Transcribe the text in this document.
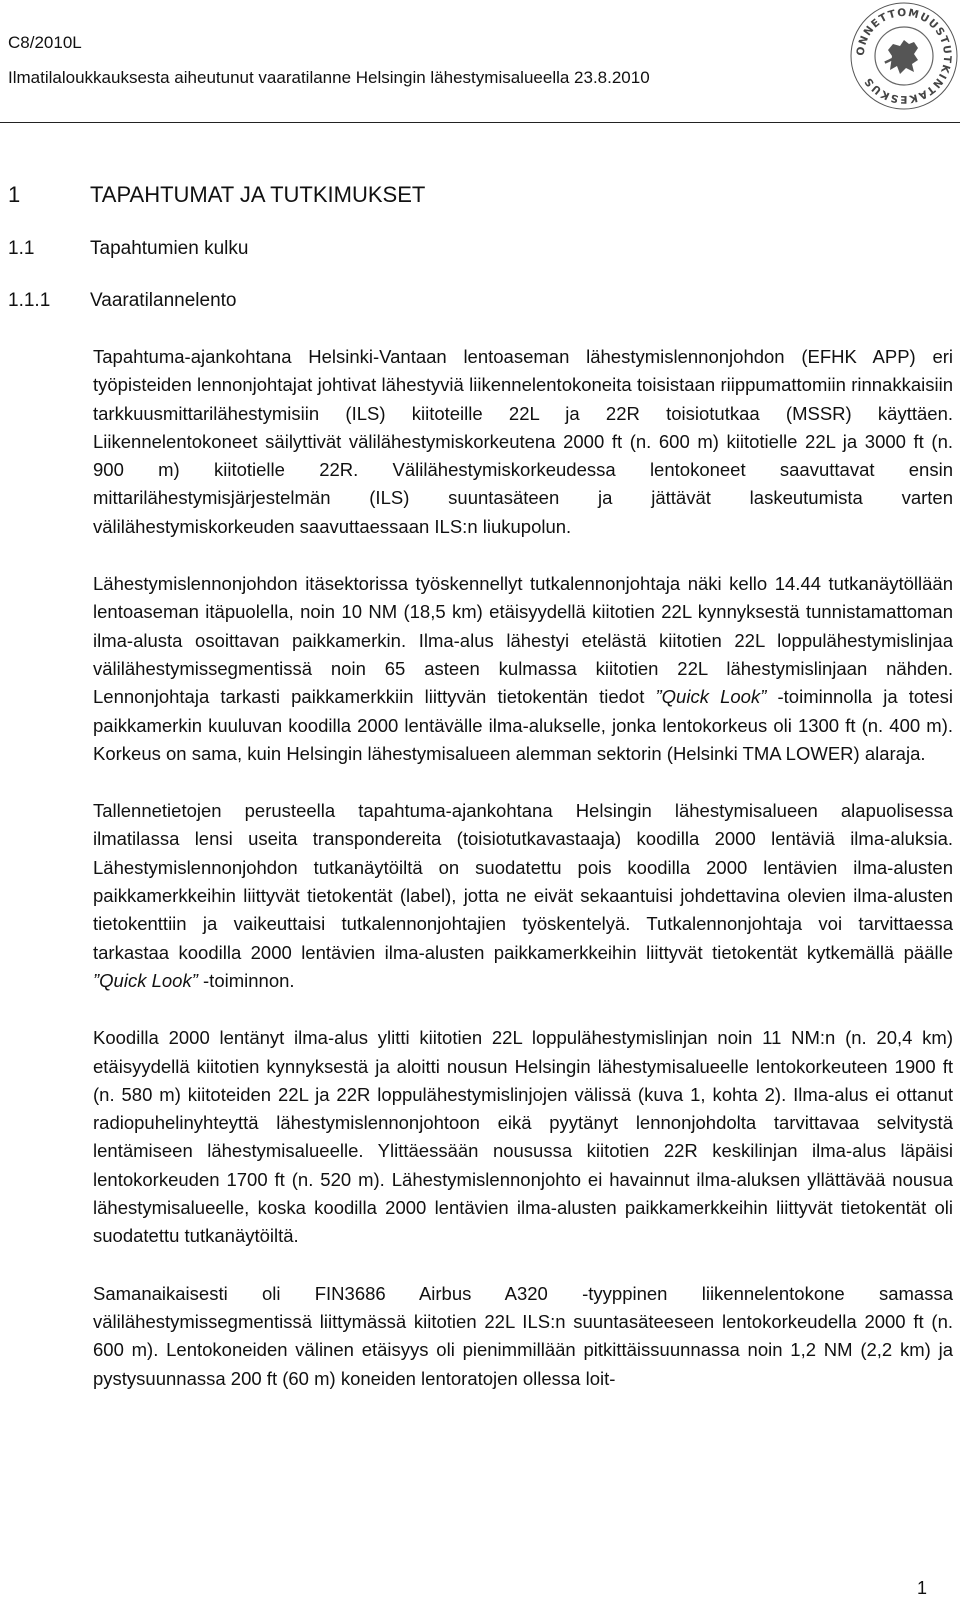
C8/2010L
Ilmatilaloukkauksesta aiheutunut vaaratilanne Helsingin lähestymisalueella 23.8.2010
ONNETTOMUUSTUTKINTAKESKUS
1	TAPAHTUMAT JA TUTKIMUKSET
1.1	Tapahtumien kulku
1.1.1 Vaaratilannelento

Tapahtuma-ajankohtana Helsinki-Vantaan lentoaseman lähestymislennonjohdon (EFHK APP) eri työpisteiden lennonjohtajat johtivat lähestyviä liikennelentokoneita toisistaan riippumattomiin rinnakkaisiin tarkkuusmittarilähestymisiin (ILS) kiitoteille 22L ja 22R toisiotutkaa (MSSR) käyttäen. Liikennelentokoneet säilyttivät välilähestymiskorkeutena 2000 ft (n. 600 m) kiitotielle 22L ja 3000 ft (n. 900 m) kiitotielle 22R. Välilähestymiskorkeudessa lentokoneet saavuttavat ensin mittarilähestymisjärjestelmän (ILS) suuntasäteen ja jättävät laskeutumista varten välilähestymiskorkeuden saavuttaessaan ILS:n liukupolun.

Lähestymislennonjohdon itäsektorissa työskennellyt tutkalennonjohtaja näki kello 14.44 tutkanäytöllään lentoaseman itäpuolella, noin 10 NM (18,5 km) etäisyydellä kiitotien 22L kynnyksestä tunnistamattoman ilma-alusta osoittavan paikkamerkin. Ilma-alus lähestyi etelästä kiitotien 22L loppulähestymislinjaa välilähestymissegmentissä noin 65 asteen kulmassa kiitotien 22L lähestymislinjaan nähden. Lennonjohtaja tarkasti paikkamerkkiin liittyvän tietokentän tiedot ”Quick Look” -toiminnolla ja totesi paikkamerkin kuuluvan koodilla 2000 lentävälle ilma-alukselle, jonka lentokorkeus oli 1300 ft (n. 400 m). Korkeus on sama, kuin Helsingin lähestymisalueen alemman sektorin (Helsinki TMA LOWER) alaraja.

Tallennetietojen perusteella tapahtuma-ajankohtana Helsingin lähestymisalueen alapuolisessa ilmatilassa lensi useita transpondereita (toisiotutkavastaaja) koodilla 2000 lentäviä ilma-aluksia. Lähestymislennonjohdon tutkanäytöiltä on suodatettu pois koodilla 2000 lentävien ilma-alusten paikkamerkkeihin liittyvät tietokentät (label), jotta ne eivät sekaantuisi johdettavina olevien ilma-alusten tietokenttiin ja vaikeuttaisi tutkalennonjohtajien työskentelyä. Tutkalennonjohtaja voi tarvittaessa tarkastaa koodilla 2000 lentävien ilma-alusten paikkamerkkeihin liittyvät tietokentät kytkemällä päälle ”Quick Look” -toiminnon.

Koodilla 2000 lentänyt ilma-alus ylitti kiitotien 22L loppulähestymislinjan noin 11 NM:n (n. 20,4 km) etäisyydellä kiitotien kynnyksestä ja aloitti nousun Helsingin lähestymisalueelle lentokorkeuteen 1900 ft (n. 580 m) kiitoteiden 22L ja 22R loppulähestymislinjojen välissä (kuva 1, kohta 2). Ilma-alus ei ottanut radiopuhelinyhteyttä lähestymislennonjohtoon eikä pyytänyt lennonjohdolta tarvittavaa selvitystä lentämiseen lähestymisalueelle. Ylittäessään nousussa kiitotien 22R keskilinjan ilma-alus läpäisi lentokorkeuden 1700 ft (n. 520 m). Lähestymislennonjohto ei havainnut ilma-aluksen yllättävää nousua lähestymisalueelle, koska koodilla 2000 lentävien ilma-alusten paikkamerkkeihin liittyvät tietokentät oli suodatettu tutkanäytöiltä.

Samanaikaisesti oli FIN3686 Airbus A320 -tyyppinen liikennelentokone samassa välilähestymissegmentissä liittymässä kiitotien 22L ILS:n suuntasäteeseen lentokorkeudella 2000 ft (n. 600 m). Lentokoneiden välinen etäisyys oli pienimmillään pitkittäissuunnassa noin 1,2 NM (2,2 km) ja pystysuunnassa 200 ft (60 m) koneiden lentoratojen ollessa loit-

1
